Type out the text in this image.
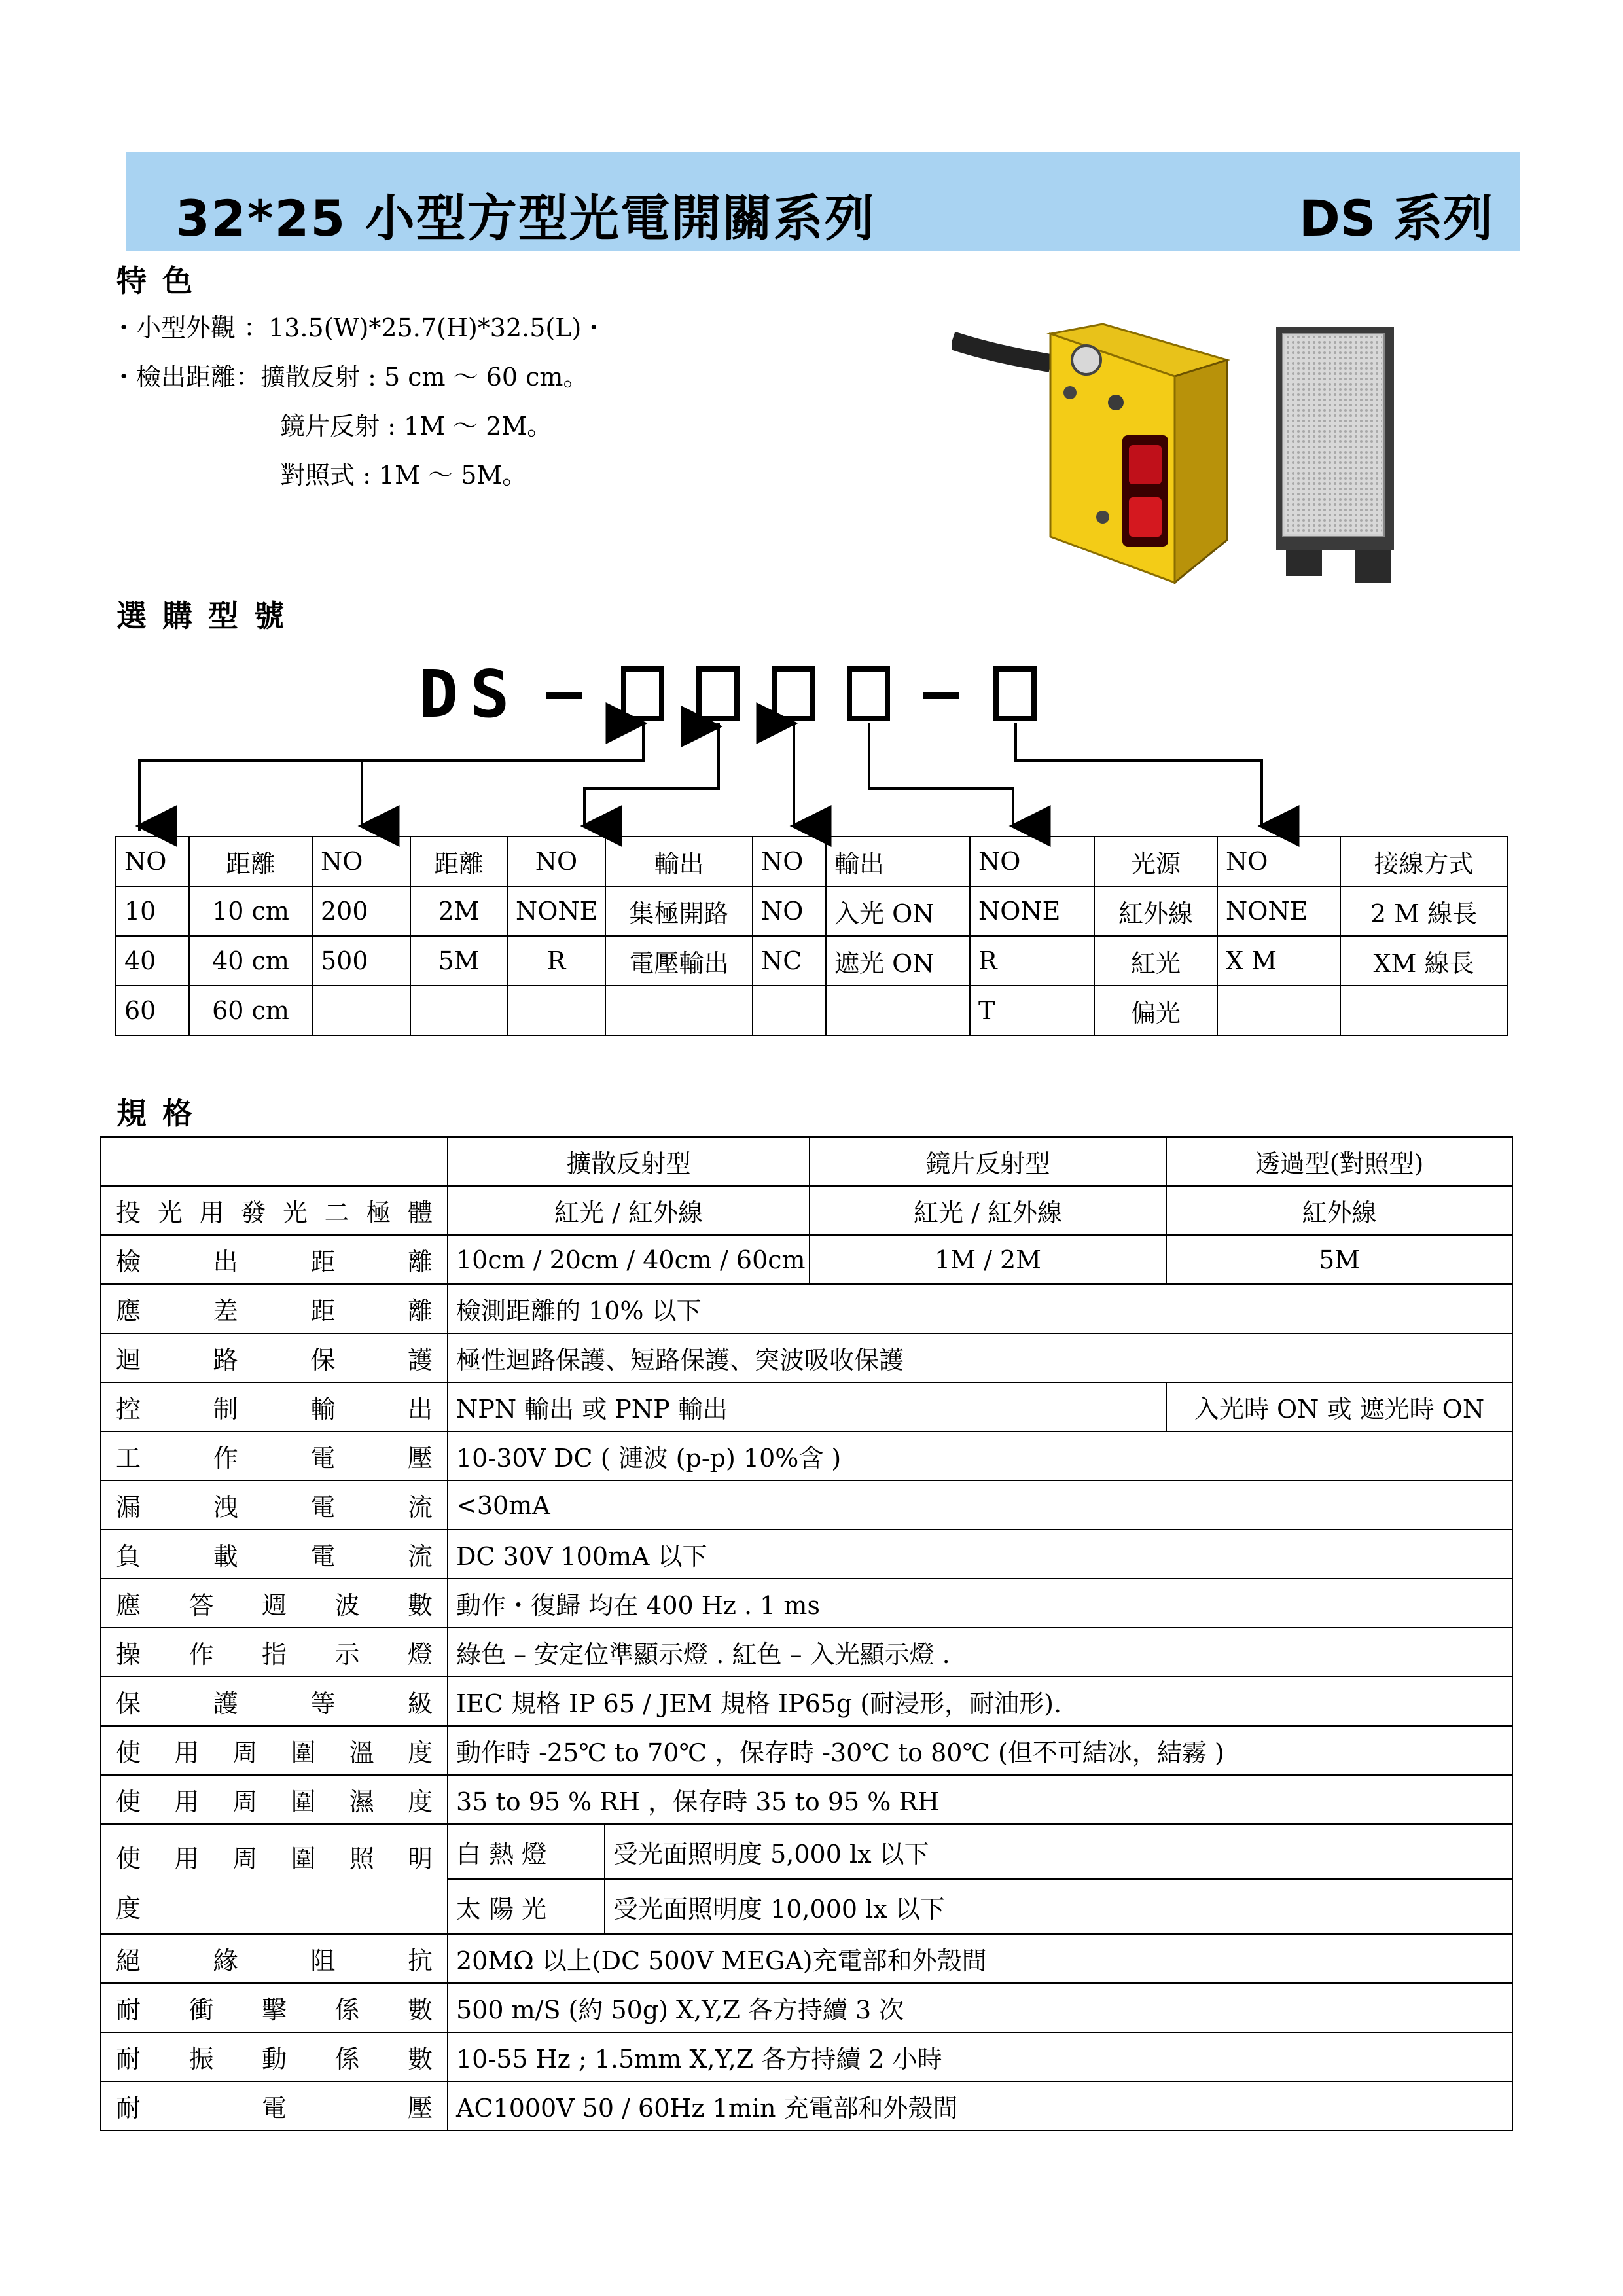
32*25 小型方型光電開關系列	DS 系列
特 色
・小型外觀 ：13.5(W)*25.7(H)*32.5(L)・
・檢出距離：擴散反射 : 5 cm ～ 60 cm。
鏡片反射 : 1M ～ 2M。
對照式 : 1M ～ 5M。
選 購 型 號
DS
NO	距離	NO	距離	NO	輸出	NO	輸出	NO	光源	NO	接線方式
10	10 cm	200	2M	NONE	集極開路	NO	入光 ON	NONE	紅外線	NONE	2 M 線長
40	40 cm	500	5M	R	電壓輸出	NC	遮光 ON	R	紅光	X M	XM 線長
60	60 cm							T	偏光		
規 格
	擴散反射型		鏡片反射型	透過型(對照型)
投光用發光二極體	紅光 / 紅外線		紅光 / 紅外線	紅外線
檢出距離	10cm / 20cm / 40cm / 60cm		1M / 2M	5M
應差距離	檢測距離的 10% 以下			
迴路保護	極性迴路保護、短路保護、突波吸收保護			
控制輸出	NPN 輸出 或 PNP 輸出			入光時 ON 或 遮光時 ON
工作電壓	10-30V DC ( 漣波 (p-p) 10%含 )			
漏洩電流	<30mA			
負載電流	DC 30V 100mA 以下			
應答週波數	動作・復歸 均在 400 Hz . 1 ms			
操作指示燈	綠色 – 安定位準顯示燈 . 紅色 – 入光顯示燈 .			
保護等級	IEC 規格 IP 65 / JEM 規格 IP65g (耐浸形，耐油形).			
使用周圍溫度	動作時 -25℃ to 70℃ ，保存時 -30℃ to 80℃ (但不可結冰，結霧 )			
使用周圍濕度	35 to 95 % RH ，保存時 35 to 95 % RH			

使用周圍照明
度	白 熱 燈	受光面照明度 5,000 lx 以下		
	太 陽 光	受光面照明度 10,000 lx 以下		
絕緣阻抗	20MΩ 以上(DC 500V MEGA)充電部和外殼間			
耐衝擊係數	500 m/S (約 50g) X,Y,Z 各方持續 3 次			
耐振動係數	10-55 Hz ; 1.5mm X,Y,Z 各方持續 2 小時			
耐電壓	AC1000V 50 / 60Hz 1min 充電部和外殼間			
